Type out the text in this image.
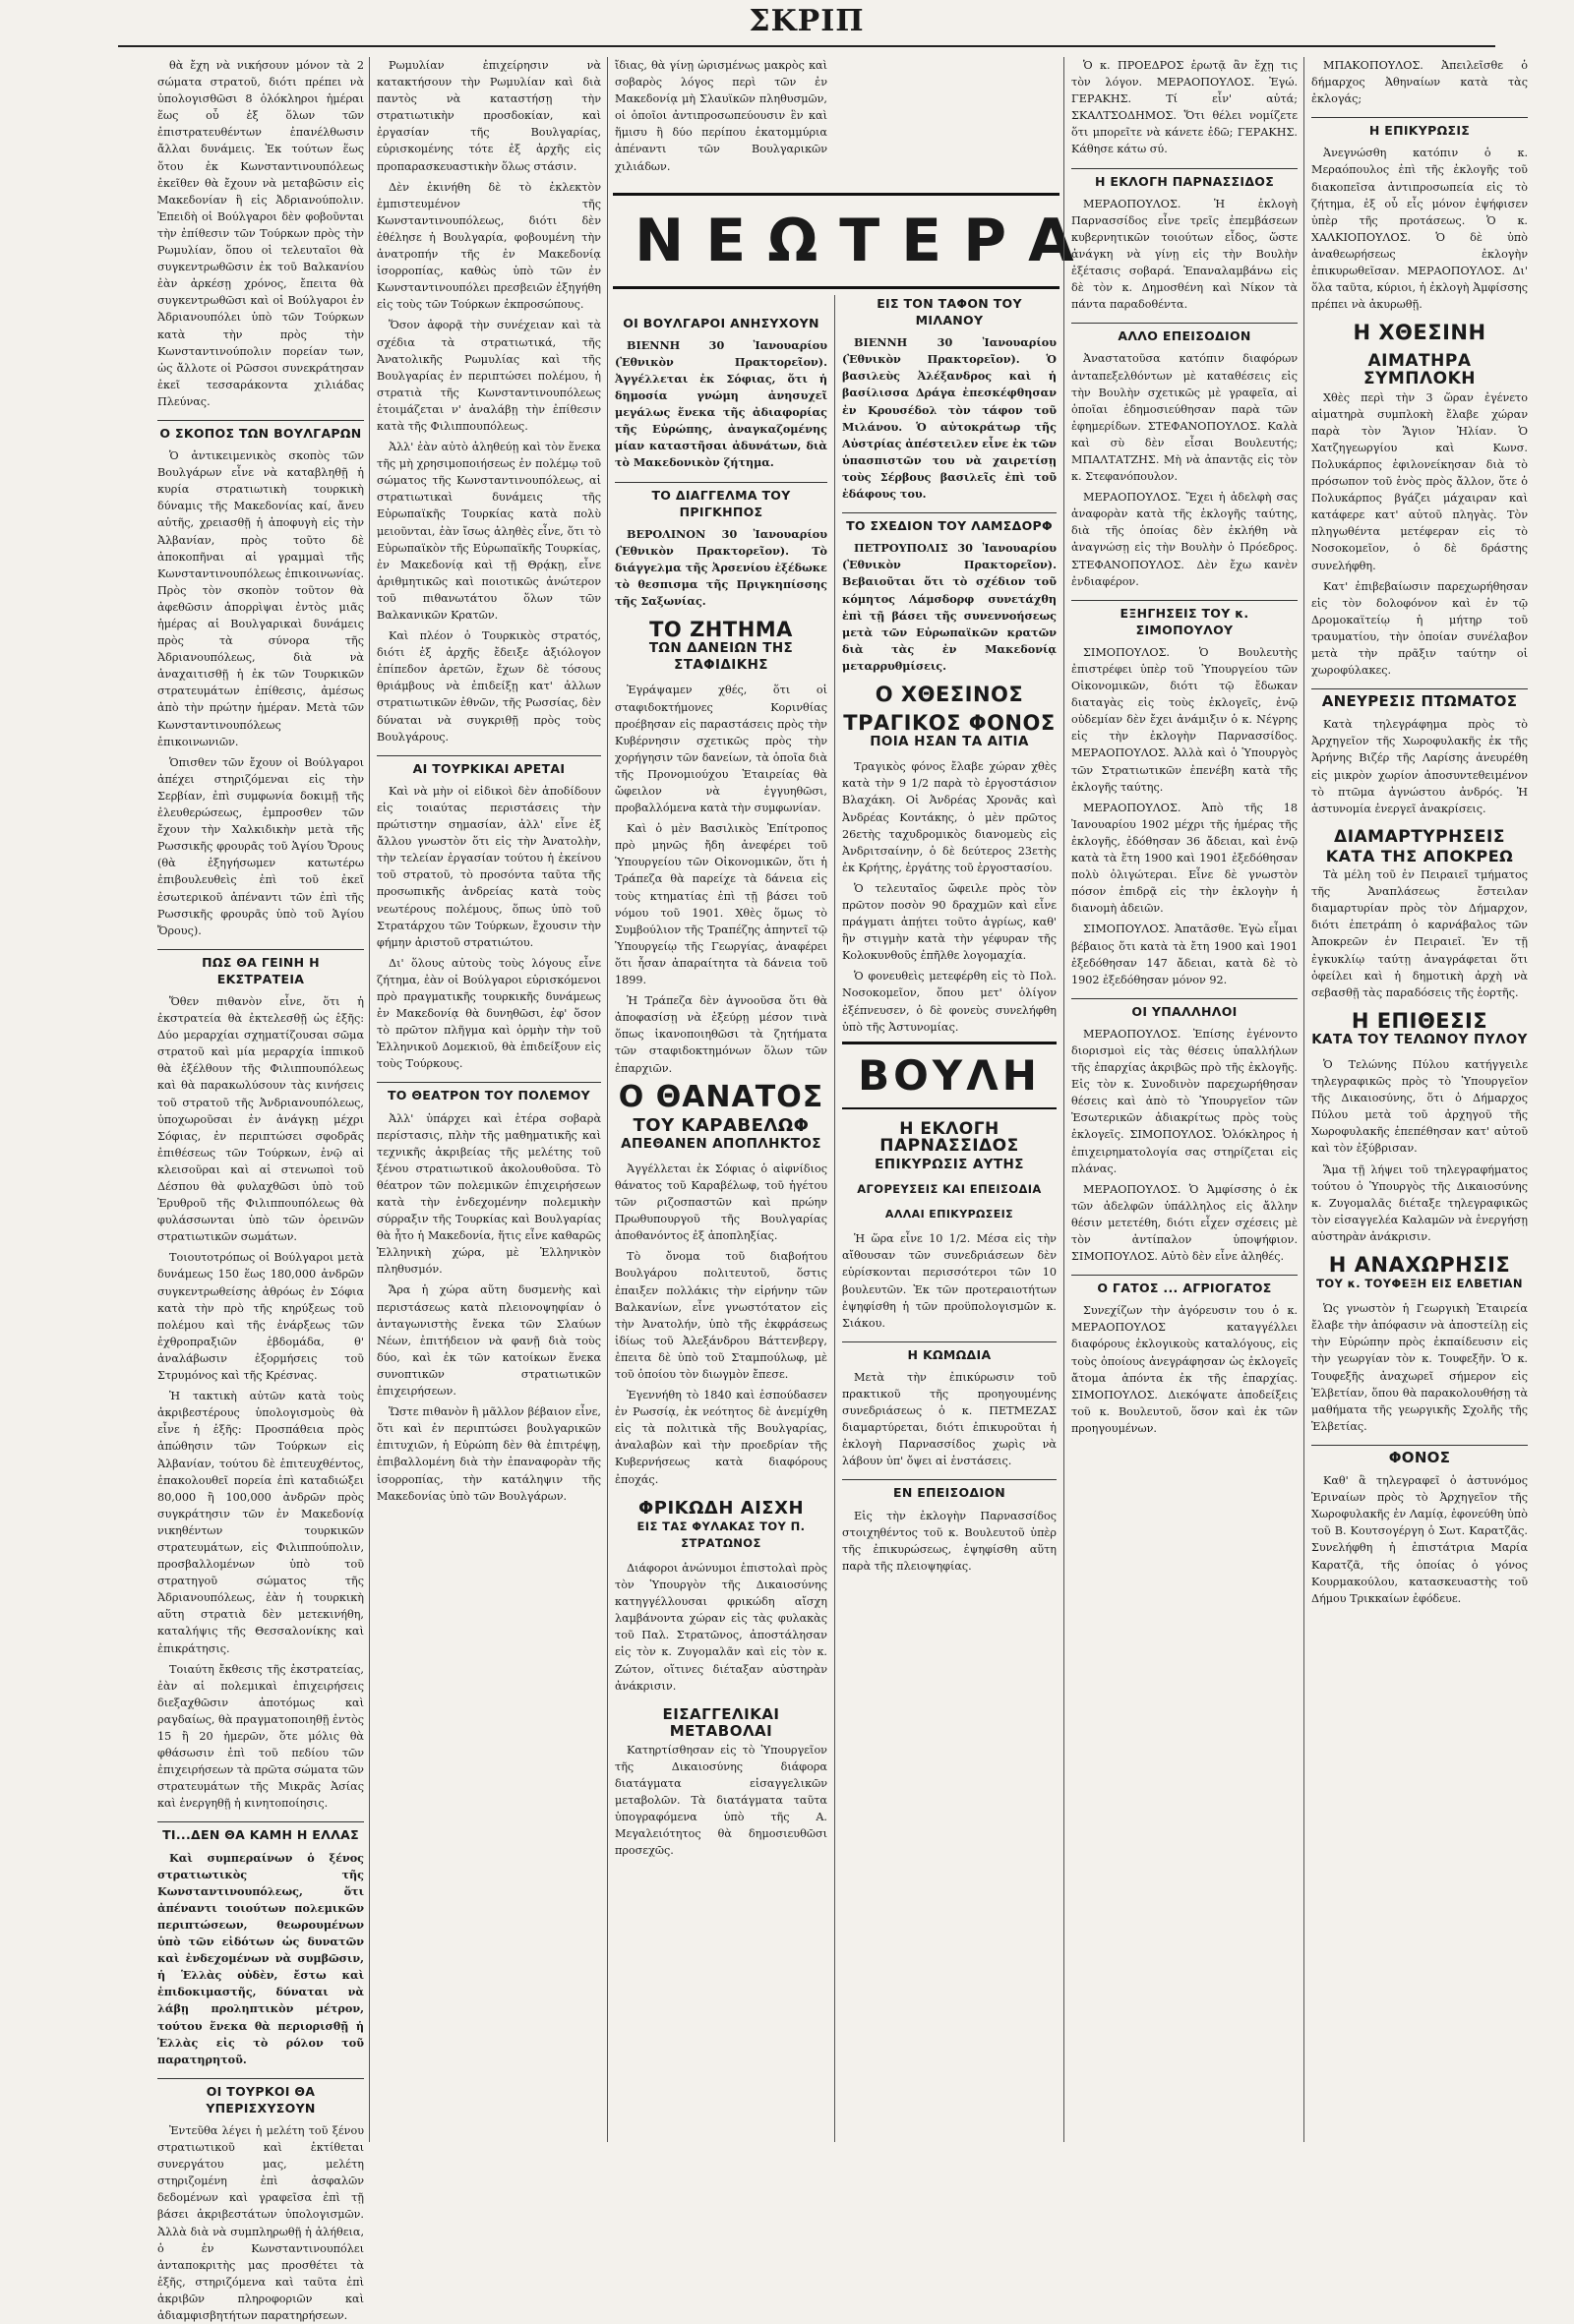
ΣΚΡΙΠ
ΝΕΩΤΕΡΑ

θὰ ἔχη νὰ νικήσουν μόνον τὰ 2 σώματα στρατοῦ, διότι πρέπει νὰ ὑπολογισθῶσι 8 ὁλόκληροι ἡμέραι ἕως οὗ ἐξ ὅλων τῶν ἐπιστρατευθέντων ἐπανέλθωσιν ἄλλαι δυνάμεις. Ἐκ τούτων ἕως ὅτου ἐκ Κωνσταντινουπόλεως ἐκεῖθεν θὰ ἔχουν νὰ μεταβῶσιν εἰς Μακεδονίαν ἢ εἰς Ἀδριανούπολιν. Ἐπειδὴ οἱ Βούλγαροι δὲν φοβοῦνται τὴν ἐπίθεσιν τῶν Τούρκων πρὸς τὴν Ρωμυλίαν, ὅπου οἱ τελευταῖοι θὰ συγκεντρωθῶσιν ἐκ τοῦ Βαλκανίου ἐὰν ἀρκέσῃ χρόνος, ἔπειτα θὰ συγκεντρωθῶσι καὶ οἱ Βούλγαροι ἐν Ἀδριανουπόλει ὑπὸ τῶν Τούρκων κατὰ τὴν πρὸς τὴν Κωνσταντινούπολιν πορείαν των, ὡς ἄλλοτε οἱ Ρῶσσοι συνεκράτησαν ἐκεῖ τεσσαράκοντα χιλιάδας Πλεύνας.

Ο ΣΚΟΠΟΣ ΤΩΝ ΒΟΥΛΓΑΡΩΝ

Ὁ ἀντικειμενικὸς σκοπὸς τῶν Βουλγάρων εἶνε νὰ καταβληθῇ ἡ κυρία στρατιωτικὴ τουρκικὴ δύναμις τῆς Μακεδονίας καί, ἄνευ αὐτῆς, χρειασθῇ ἡ ἀποφυγὴ εἰς τὴν Ἀλβανίαν, πρὸς τοῦτο δὲ ἀποκοπῆναι αἱ γραμμαὶ τῆς Κωνσταντινουπόλεως ἐπικοινωνίας. Πρὸς τὸν σκοπὸν τοῦτον θὰ ἀφεθῶσιν ἀπορρὶψαι ἐντὸς μιᾶς ἡμέρας αἱ Βουλγαρικαὶ δυνάμεις πρὸς τὰ σύνορα τῆς Ἀδριανουπόλεως, διὰ νὰ ἀναχαιτισθῇ ἡ ἐκ τῶν Τουρκικῶν στρατευμάτων ἐπίθεσις, ἀμέσως ἀπὸ τὴν πρώτην ἡμέραν. Μετὰ τῶν Κωνσταντινουπόλεως ἐπικοινωνιῶν.

Ὁπισθεν τῶν ἔχουν οἱ Βούλγαροι ἀπέχει στηριζόμεναι εἰς τὴν Σερβίαν, ἐπὶ συμφωνία δοκιμῇ τῆς ἐλευθερώσεως, ἐμπροσθεν τῶν ἔχουν τὴν Χαλκιδικὴν μετὰ τῆς Ρωσσικῆς φρουρᾶς τοῦ Ἁγίου Ὄρους (θὰ ἐξηγήσωμεν κατωτέρω ἐπιβουλευθεὶς ἐπὶ τοῦ ἐκεῖ ἐσωτερικοῦ ἀπέναντι τῶν ἐπὶ τῆς Ρωσσικῆς φρουρᾶς ὑπὸ τοῦ Ἁγίου Ὄρους).

ΠΩΣ ΘΑ ΓΕΙΝΗ Η ΕΚΣΤΡΑΤΕΙΑ

Ὅθεν πιθανὸν εἶνε, ὅτι ἡ ἐκστρατεία θὰ ἐκτελεσθῇ ὡς ἑξῆς: Δύο μεραρχίαι σχηματίζουσαι σῶμα στρατοῦ καὶ μία μεραρχία ἱππικοῦ θὰ ἐξέλθουν τῆς Φιλιππουπόλεως καὶ θὰ παρακωλύσουν τὰς κινήσεις τοῦ στρατοῦ τῆς Ἀνδριανουπόλεως, ὑποχωροῦσαι ἐν ἀνάγκῃ μέχρι Σόφιας, ἐν περιπτώσει σφοδρᾶς ἐπιθέσεως τῶν Τούρκων, ἐνῷ αἱ κλεισοῦραι καὶ αἱ στενωποὶ τοῦ Δέσπου θὰ φυλαχθῶσι ὑπὸ τοῦ Ἐρυθροῦ τῆς Φιλιππουπόλεως θὰ φυλάσσωνται ὑπὸ τῶν ὀρεινῶν στρατιωτικῶν σωμάτων.

Τοιουτοτρόπως οἱ Βούλγαροι μετὰ δυνάμεως 150 ἕως 180,000 ἀνδρῶν συγκεντρωθείσης ἀθρόως ἐν Σόφια κατὰ τὴν πρὸ τῆς κηρύξεως τοῦ πολέμου καὶ τῆς ἐνάρξεως τῶν ἐχθροπραξιῶν ἑβδομάδα, θ' ἀναλάβωσιν ἐξορμήσεις τοῦ Στρυμόνος καὶ τῆς Κρέσνας.

Ἡ τακτικὴ αὐτῶν κατὰ τοὺς ἀκριβεστέρους ὑπολογισμοὺς θὰ εἶνε ἡ ἑξῆς: Προσπάθεια πρὸς ἀπώθησιν τῶν Τούρκων εἰς Ἀλβανίαν, τούτου δὲ ἐπιτευχθέντος, ἐπακολουθεῖ πορεία ἐπὶ καταδιώξει 80,000 ἢ 100,000 ἀνδρῶν πρὸς συγκράτησιν τῶν ἐν Μακεδονίᾳ νικηθέντων τουρκικῶν στρατευμάτων, εἰς Φιλιππούπολιν, προσβαλλομένων ὑπὸ τοῦ στρατηγοῦ σώματος τῆς Ἀδριανουπόλεως, ἐὰν ἡ τουρκικὴ αὕτη στρατιὰ δὲν μετεκινήθη, καταλήψις τῆς Θεσσαλονίκης καὶ ἐπικράτησις.

Τοιαύτη ἔκθεσις τῆς ἐκστρατείας, ἐὰν αἱ πολεμικαὶ ἐπιχειρήσεις διεξαχθῶσιν ἀποτόμως καὶ ραγδαίως, θὰ πραγματοποιηθῇ ἐντὸς 15 ἢ 20 ἡμερῶν, ὅτε μόλις θὰ φθάσωσιν ἐπὶ τοῦ πεδίου τῶν ἐπιχειρήσεων τὰ πρῶτα σώματα τῶν στρατευμάτων τῆς Μικρᾶς Ἀσίας καὶ ἐνεργηθῇ ἡ κινητοποίησις.

ΤΙ...ΔΕΝ ΘΑ ΚΑΜΗ Η ΕΛΛΑΣ

Καὶ συμπεραίνων ὁ ξένος στρατιωτικὸς τῆς Κωνσταντινουπόλεως, ὅτι ἀπέναντι τοιούτων πολεμικῶν περιπτώσεων, θεωρουμένων ὑπὸ τῶν εἰδότων ὡς δυνατῶν καὶ ἐνδεχομένων νὰ συμβῶσιν, ἡ Ἑλλὰς οὐδὲν, ἔστω καὶ ἐπιδοκιμαστῆς, δύναται νὰ λάβῃ προληπτικὸν μέτρον, τούτου ἕνεκα θὰ περιορισθῇ ἡ Ἑλλὰς εἰς τὸ ρόλον τοῦ παρατηρητοῦ.

ΟΙ ΤΟΥΡΚΟΙ ΘΑ ΥΠΕΡΙΣΧΥΣΟΥΝ

Ἐντεῦθα λέγει ἡ μελέτη τοῦ ξένου στρατιωτικοῦ καὶ ἐκτίθεται συνεργάτου μας, μελέτη στηριζομένη ἐπὶ ἀσφαλῶν δεδομένων καὶ γραφεῖσα ἐπὶ τῇ βάσει ἀκριβεστάτων ὑπολογισμῶν. Ἀλλὰ διὰ νὰ συμπληρωθῇ ἡ ἀλήθεια, ὁ ἐν Κωνσταντινουπόλει ἀνταποκριτὴς μας προσθέτει τὰ ἑξῆς, στηριζόμενα καὶ ταῦτα ἐπὶ ἀκριβῶν πληροφοριῶν καὶ ἀδιαμφισβητήτων παρατηρήσεων.

Ρωμυλίαν ἐπιχείρησιν νὰ κατακτήσουν τὴν Ρωμυλίαν καὶ διὰ παντὸς νὰ καταστήσῃ τὴν στρατιωτικὴν προσδοκίαν, καὶ ἐργασίαν τῆς Βουλγαρίας, εὐρισκομένης τότε ἐξ ἀρχῆς εἰς προπαρασκευαστικὴν ὅλως στάσιν.

Δὲν ἐκινήθη δὲ τὸ ἐκλεκτὸν ἐμπιστευμένον τῆς Κωνσταντινουπόλεως, διότι δὲν ἐθέλησε ἡ Βουλγαρία, φοβουμένη τὴν ἀνατροπήν τῆς ἐν Μακεδονίᾳ ἰσορροπίας, καθὼς ὑπὸ τῶν ἐν Κωνσταντινουπόλει πρεσβειῶν ἐξηγήθη εἰς τοὺς τῶν Τούρκων ἐκπροσώπους.

Ὅσον ἀφορᾷ τὴν συνέχειαν καὶ τὰ σχέδια τὰ στρατιωτικά, τῆς Ἀνατολικῆς Ρωμυλίας καὶ τῆς Βουλγαρίας ἐν περιπτώσει πολέμου, ἡ στρατιὰ τῆς Κωνσταντινουπόλεως ἑτοιμάζεται ν' ἀναλάβῃ τὴν ἐπίθεσιν κατὰ τῆς Φιλιππουπόλεως.

Ἀλλ' ἐὰν αὐτὸ ἀληθεύῃ καὶ τὸν ἕνεκα τῆς μὴ χρησιμοποιήσεως ἐν πολέμῳ τοῦ σώματος τῆς Κωνσταντινουπόλεως, αἱ στρατιωτικαὶ δυνάμεις τῆς Εὐρωπαϊκῆς Τουρκίας κατὰ πολὺ μειοῦνται, ἐὰν ἴσως ἀληθὲς εἶνε, ὅτι τὸ Εὐρωπαϊκὸν τῆς Εὐρωπαϊκῆς Τουρκίας, ἐν Μακεδονίᾳ καὶ τῇ Θρᾴκῃ, εἶνε ἀριθμητικῶς καὶ ποιοτικῶς ἀνώτερον τοῦ πιθανωτάτου ὅλων τῶν Βαλκανικῶν Κρατῶν.

Καὶ πλέον ὁ Τουρκικὸς στρατός, διότι ἐξ ἀρχῆς ἔδειξε ἀξιόλογον ἐπίπεδον ἀρετῶν, ἔχων δὲ τόσους θριάμβους νὰ ἐπιδείξῃ κατ' ἀλλων στρατιωτικῶν ἐθνῶν, τῆς Ρωσσίας, δὲν δύναται νὰ συγκριθῇ πρὸς τοὺς Βουλγάρους.

ΑΙ ΤΟΥΡΚΙΚΑΙ ΑΡΕΤΑΙ

Καὶ νὰ μὴν οἱ εἰδικοὶ δὲν ἀποδίδουν εἰς τοιαύτας περιστάσεις τὴν πρώτιστην σημασίαν, ἀλλ' εἶνε ἐξ ἄλλου γνωστὸν ὅτι εἰς τὴν Ἀνατολὴν, τὴν τελείαν ἐργασίαν τούτου ἡ ἐκείνου τοῦ στρατοῦ, τὸ προσόντα ταῦτα τῆς προσωπικῆς ἀνδρείας κατὰ τοὺς νεωτέρους πολέμους, ὅπως ὑπὸ τοῦ Στρατάρχου τῶν Τούρκων, ἔχουσιν τὴν φήμην ἀριστοῦ στρατιώτου.

Δι' ὅλους αὐτοὺς τοὺς λόγους εἶνε ζήτημα, ἐὰν οἱ Βούλγαροι εὑρισκόμενοι πρὸ πραγματικῆς τουρκικῆς δυνάμεως ἐν Μακεδονίᾳ θὰ δυνηθῶσι, ἐφ' ὅσον τὸ πρῶτον πλῆγμα καὶ ὁρμὴν τὴν τοῦ Ἑλληνικοῦ Δομεκιοῦ, θὰ ἐπιδείξουν εἰς τοὺς Τούρκους.

ΤΟ ΘΕΑΤΡΟΝ ΤΟΥ ΠΟΛΕΜΟΥ

Ἀλλ' ὑπάρχει καὶ ἑτέρα σοβαρὰ περίστασις, πλὴν τῆς μαθηματικῆς καὶ τεχνικῆς ἀκριβείας τῆς μελέτης τοῦ ξένου στρατιωτικοῦ ἀκολουθοῦσα. Τὸ θέατρον τῶν πολεμικῶν ἐπιχειρήσεων κατὰ τὴν ἐνδεχομένην πολεμικὴν σύρραξιν τῆς Τουρκίας καὶ Βουλγαρίας θὰ ἦτο ἡ Μακεδονία, ἥτις εἶνε καθαρῶς Ἑλληνικὴ χώρα, μὲ Ἑλληνικὸν πληθυσμόν.

Ἄρα ἡ χώρα αὕτη δυσμενὴς καὶ περιστάσεως κατὰ πλειονοψηφίαν ὁ ἀνταγωνιστὴς ἔνεκα τῶν Σλαύων Νέων, ἐπιτήδειον νὰ φανῇ διὰ τοὺς δύο, καὶ ἐκ τῶν κατοίκων ἕνεκα συνοπτικῶν στρατιωτικῶν ἐπιχειρήσεων.

Ὥστε πιθανὸν ἢ μᾶλλον βέβαιον εἶνε, ὅτι καὶ ἐν περιπτώσει βουλγαρικῶν ἐπιτυχιῶν, ἡ Εὐρώπη δὲν θὰ ἐπιτρέψῃ, ἐπιβαλλομένη διὰ τὴν ἐπαναφορὰν τῆς ἰσορροπίας, τὴν κατάληψιν τῆς Μακεδονίας ὑπὸ τῶν Βουλγάρων.

ἴδιας, θὰ γίνῃ ὡρισμένως μακρὸς καὶ σοβαρὸς λόγος περὶ τῶν ἐν Μακεδονίᾳ μὴ Σλαυϊκῶν πληθυσμῶν, οἱ ὁποῖοι ἀντιπροσωπεύουσιν ἓν καὶ ἥμισυ ἢ δύο περίπου ἑκατομμύρια ἀπέναντι τῶν Βουλγαρικῶν χιλιάδων.

ΟΙ ΒΟΥΛΓΑΡΟΙ ΑΝΗΣΥΧΟΥΝ

ΒΙΕΝΝΗ 30 Ἰανουαρίου (Ἐθνικὸν Πρακτορεῖον). Ἀγγέλλεται ἐκ Σόφιας, ὅτι ἡ δημοσία γνώμη ἀνησυχεῖ μεγάλως ἕνεκα τῆς ἀδιαφορίας τῆς Εὐρώπης, ἀναγκαζομένης μίαν καταστῆσαι ἀδυνάτων, διὰ τὸ Μακεδονικὸν ζήτημα.

ΤΟ ΔΙΑΓΓΕΛΜΑ ΤΟΥ ΠΡΙΓΚΗΠΟΣ

ΒΕΡΟΛΙΝΟΝ 30 Ἰανουαρίου (Ἐθνικὸν Πρακτορεῖον). Τὸ διάγγελμα τῆς Ἀρσενίου ἐξέδωκε τὸ θεσπισμα τῆς Πριγκηπίσσης τῆς Σαξωνίας.

ΤΟ ΖΗΤΗΜΑ
ΤΩΝ ΔΑΝΕΙΩΝ ΤΗΣ ΣΤΑΦΙΔΙΚΗΣ

Ἐγράψαμεν χθές, ὅτι οἱ σταφιδοκτήμονες Κορινθίας προέβησαν εἰς παραστάσεις πρὸς τὴν Κυβέρνησιν σχετικῶς πρὸς τὴν χορήγησιν τῶν δανείων, τὰ ὁποῖα διὰ τῆς Προνομιούχου Ἑταιρείας θὰ ὤφειλον νὰ ἐγγυηθῶσι, προβαλλόμενα κατὰ τὴν συμφωνίαν.

Καὶ ὁ μὲν Βασιλικὸς Ἐπίτροπος πρὸ μηνῶς ἤδη ἀνεφέρει τοῦ Ὑπουργείου τῶν Οἰκονομικῶν, ὅτι ἡ Τράπεζα θὰ παρείχε τὰ δάνεια εἰς τοὺς κτηματίας ἐπὶ τῇ βάσει τοῦ νόμου τοῦ 1901. Χθὲς ὅμως τὸ Συμβούλιον τῆς Τραπέζης ἀπηντεῖ τῷ Ὑπουργείῳ τῆς Γεωργίας, ἀναφέρει ὅτι ἦσαν ἀπαραίτητα τὰ δάνεια τοῦ 1899.

Ἡ Τράπεζα δὲν ἀγνοοῦσα ὅτι θὰ ἀποφασίσῃ νὰ ἐξεύρῃ μέσον τινὰ ὅπως ἱκανοποιηθῶσι τὰ ζητήματα τῶν σταφιδοκτημόνων ὅλων τῶν ἐπαρχιῶν.

Ο ΘΑΝΑΤΟΣ
ΤΟΥ ΚΑΡΑΒΕΛΩΦ
ΑΠΕΘΑΝΕΝ ΑΠΟΠΛΗΚΤΟΣ

Ἀγγέλλεται ἐκ Σόφιας ὁ αἰφνίδιος θάνατος τοῦ Καραβέλωφ, τοῦ ἡγέτου τῶν ριζοσπαστῶν καὶ πρώην Πρωθυπουργοῦ τῆς Βουλγαρίας ἀποθανόντος ἐξ ἀποπληξίας.

Τὸ ὄνομα τοῦ διαβοήτου Βουλγάρου πολιτευτοῦ, ὅστις ἐπαιξεν πολλάκις τὴν εἰρήνην τῶν Βαλκανίων, εἶνε γνωστότατον εἰς τὴν Ἀνατολήν, ὑπὸ τῆς ἐκφράσεως ἰδίως τοῦ Ἀλεξάνδρου Βάττενβεργ, ἐπειτα δὲ ὑπὸ τοῦ Σταμπούλωφ, μὲ τοῦ ὁποίου τὸν διωγμὸν ἔπεσε.

Ἐγεννήθη τὸ 1840 καὶ ἐσπούδασεν ἐν Ρωσσίᾳ, ἐκ νεότητος δὲ ἀνεμίχθη εἰς τὰ πολιτικὰ τῆς Βουλγαρίας, ἀναλαβὼν καὶ τὴν προεδρίαν τῆς Κυβερνήσεως κατὰ διαφόρους ἐποχάς.

ΦΡΙΚΩΔΗ ΑΙΣΧΗ
ΕΙΣ ΤΑΣ ΦΥΛΑΚΑΣ ΤΟΥ Π. ΣΤΡΑΤΩΝΟΣ

Διάφοροι ἀνώνυμοι ἐπιστολαὶ πρὸς τὸν Ὑπουργὸν τῆς Δικαιοσύνης κατηγγέλλουσαι φρικώδη αἴσχη λαμβάνοντα χώραν εἰς τὰς φυλακὰς τοῦ Παλ. Στρατῶνος, ἀποστάλησαν εἰς τὸν κ. Ζυγομαλᾶν καὶ εἰς τὸν κ. Ζώτον, οἵτινες διέταξαν αὐστηρὰν ἀνάκρισιν.

ΕΙΣΑΓΓΕΛΙΚΑΙ ΜΕΤΑΒΟΛΑΙ

Κατηρτίσθησαν εἰς τὸ Ὑπουργεῖον τῆς Δικαιοσύνης διάφορα διατάγματα εἰσαγγελικῶν μεταβολῶν. Τὰ διατάγματα ταῦτα ὑπογραφόμενα ὑπὸ τῆς Α. Μεγαλειότητος θὰ δημοσιευθῶσι προσεχῶς.

ΕΙΣ ΤΟΝ ΤΑΦΟΝ ΤΟΥ ΜΙΛΑΝΟΥ

ΒΙΕΝΝΗ 30 Ἰανουαρίου (Ἐθνικὸν Πρακτορεῖον). Ὁ βασιλεὺς Ἀλέξανδρος καὶ ἡ βασίλισσα Δράγα ἐπεσκέφθησαν ἐν Κρουσέδολ τὸν τάφον τοῦ Μιλάνου. Ὁ αὐτοκράτωρ τῆς Αὐστρίας ἀπέστειλεν εἶνε ἐκ τῶν ὑπασπιστῶν του νὰ χαιρετίσῃ τοὺς Σέρβους βασιλεῖς ἐπὶ τοῦ ἐδάφους του.

ΤΟ ΣΧΕΔΙΟΝ ΤΟΥ ΛΑΜΣΔΟΡΦ

ΠΕΤΡΟΥΠΟΛΙΣ 30 Ἰανουαρίου (Ἐθνικὸν Πρακτορεῖον). Βεβαιοῦται ὅτι τὸ σχέδιον τοῦ κόμητος Λάμσδορφ συνετάχθη ἐπὶ τῇ βάσει τῆς συνεννοήσεως μετὰ τῶν Εὐρωπαϊκῶν κρατῶν διὰ τὰς ἐν Μακεδονίᾳ μεταρρυθμίσεις.

Ο ΧΘΕΣΙΝΟΣ
ΤΡΑΓΙΚΟΣ ΦΟΝΟΣ
ΠΟΙΑ ΗΣΑΝ ΤΑ ΑΙΤΙΑ

Τραγικὸς φόνος ἔλαβε χώραν χθὲς κατὰ τὴν 9 1/2 παρὰ τὸ ἐργοστάσιον Βλαχάκη. Οἱ Ἀνδρέας Χρονᾶς καὶ Ἀνδρέας Κοντάκης, ὁ μὲν πρῶτος 26ετὴς ταχυδρομικὸς διανομεὺς εἰς Ἀνδριτσαίνην, ὁ δὲ δεύτερος 23ετὴς ἐκ Κρήτης, ἐργάτης τοῦ ἐργοστασίου.

Ὁ τελευταῖος ὤφειλε πρὸς τὸν πρῶτον ποσὸν 90 δραχμῶν καὶ εἶνε πράγματι ἀπῄτει τοῦτο ἀγρίως, καθ' ἣν στιγμὴν κατὰ τὴν γέφυραν τῆς Κολοκυνθοῦς ἐπῆλθε λογομαχία.

Ὁ φονευθεὶς μετεφέρθη εἰς τὸ Πολ. Νοσοκομεῖον, ὅπου μετ' ὀλίγον ἐξέπνευσεν, ὁ δὲ φονεὺς συνελήφθη ὑπὸ τῆς Ἀστυνομίας.

ΒΟΥΛΗ
Η ΕΚΛΟΓΗ ΠΑΡΝΑΣΣΙΔΟΣ
ΕΠΙΚΥΡΩΣΙΣ ΑΥΤΗΣ
ΑΓΟΡΕΥΣΕΙΣ ΚΑΙ ΕΠΕΙΣΟΔΙΑ
ΑΛΛΑΙ ΕΠΙΚΥΡΩΣΕΙΣ

Ἡ ὥρα εἶνε 10 1/2. Μέσα εἰς τὴν αἴθουσαν τῶν συνεδριάσεων δὲν εὑρίσκονται περισσότεροι τῶν 10 βουλευτῶν. Ἐκ τῶν προτεραιοτήτων ἐψηφίσθη ἡ τῶν προϋπολογισμῶν κ. Σιάκου.

Η ΚΩΜΩΔΙΑ

Μετὰ τὴν ἐπικύρωσιν τοῦ πρακτικοῦ τῆς προηγουμένης συνεδριάσεως ὁ κ. ΠΕΤΜΕΖΑΣ διαμαρτύρεται, διότι ἐπικυροῦται ἡ ἐκλογὴ Παρνασσίδος χωρὶς νὰ λάβουν ὑπ' ὄψει αἱ ἐνστάσεις.

ΕΝ ΕΠΕΙΣΟΔΙΟΝ

Εἰς τὴν ἐκλογὴν Παρνασσίδος στοιχηθέντος τοῦ κ. Βουλευτοῦ ὑπὲρ τῆς ἐπικυρώσεως, ἐψηφίσθη αὕτη παρὰ τῆς πλειοψηφίας.

Ὁ κ. ΠΡΟΕΔΡΟΣ ἐρωτᾷ ἂν ἔχῃ τις τὸν λόγον. ΜΕΡΑΟΠΟΥΛΟΣ. Ἐγώ. ΓΕΡΑΚΗΣ. Τί εἶν' αὐτά; ΣΚΑΛΤΣΟΔΗΜΟΣ. Ὅτι θέλει νομίζετε ὅτι μπορεῖτε νὰ κάνετε ἐδῶ; ΓΕΡΑΚΗΣ. Κάθησε κάτω σύ.

Η ΕΚΛΟΓΗ ΠΑΡΝΑΣΣΙΔΟΣ

ΜΕΡΑΟΠΟΥΛΟΣ. Ἡ ἐκλογὴ Παρνασσίδος εἶνε τρεῖς ἐπεμβάσεων κυβερνητικῶν τοιούτων εἶδος, ὥστε ἀνάγκη νὰ γίνῃ εἰς τὴν Βουλὴν ἐξέτασις σοβαρά. Ἐπαναλαμβάνω εἰς δὲ τὸν κ. Δημοσθένη καὶ Νίκον τὰ πάντα παραδοθέντα.

ΑΛΛΟ ΕΠΕΙΣΟΔΙΟΝ

Ἀναστατοῦσα κατόπιν διαφόρων ἀνταπεξελθόντων μὲ καταθέσεις εἰς τὴν Βουλὴν σχετικῶς μὲ γραφεῖα, αἱ ὁποῖαι ἐδημοσιεύθησαν παρὰ τῶν ἐφημερίδων. ΣΤΕΦΑΝΟΠΟΥΛΟΣ. Καλὰ καὶ σὺ δὲν εἶσαι Βουλευτής; ΜΠΑΛΤΑΤΖΗΣ. Μὴ νὰ ἀπαντᾷς εἰς τὸν κ. Στεφανόπουλον.

ΜΕΡΑΟΠΟΥΛΟΣ. Ἔχει ἡ ἀδελφὴ σας ἀναφορὰν κατὰ τῆς ἐκλογῆς ταύτης, διὰ τῆς ὁποίας δὲν ἐκλήθη νὰ ἀναγνώσῃ εἰς τὴν Βουλὴν ὁ Πρόεδρος. ΣΤΕΦΑΝΟΠΟΥΛΟΣ. Δὲν ἔχω κανὲν ἐνδιαφέρον.

ΕΞΗΓΗΣΕΙΣ ΤΟΥ κ. ΣΙΜΟΠΟΥΛΟΥ

ΣΙΜΟΠΟΥΛΟΣ. Ὁ Βουλευτὴς ἐπιστρέφει ὑπὲρ τοῦ Ὑπουργείου τῶν Οἰκονομικῶν, διότι τῷ ἔδωκαν διαταγὰς εἰς τοὺς ἐκλογεῖς, ἐνῷ οὐδεμίαν δὲν ἔχει ἀνάμιξιν ὁ κ. Νέγρης εἰς τὴν ἐκλογὴν Παρνασσίδος. ΜΕΡΑΟΠΟΥΛΟΣ. Ἀλλὰ καὶ ὁ Ὑπουργὸς τῶν Στρατιωτικῶν ἐπενέβη κατὰ τῆς ἐκλογῆς ταύτης.

ΜΕΡΑΟΠΟΥΛΟΣ. Ἀπὸ τῆς 18 Ἰανουαρίου 1902 μέχρι τῆς ἡμέρας τῆς ἐκλογῆς, ἐδόθησαν 36 ἄδειαι, καὶ ἐνῷ κατὰ τὰ ἔτη 1900 καὶ 1901 ἐξεδόθησαν πολὺ ὀλιγώτεραι. Εἶνε δὲ γνωστὸν πόσον ἐπιδρᾷ εἰς τὴν ἐκλογὴν ἡ διανομὴ ἀδειῶν.

ΣΙΜΟΠΟΥΛΟΣ. Ἀπατᾶσθε. Ἐγὼ εἶμαι βέβαιος ὅτι κατὰ τὰ ἔτη 1900 καὶ 1901 ἐξεδόθησαν 147 ἄδειαι, κατὰ δὲ τὸ 1902 ἐξεδόθησαν μόνον 92.

ΟΙ ΥΠΑΛΛΗΛΟΙ

ΜΕΡΑΟΠΟΥΛΟΣ. Ἐπίσης ἐγένοντο διορισμοὶ εἰς τὰς θέσεις ὑπαλλήλων τῆς ἐπαρχίας ἀκριβῶς πρὸ τῆς ἐκλογῆς. Εἰς τὸν κ. Συνοδινὸν παρεχωρήθησαν θέσεις καὶ ἀπὸ τὸ Ὑπουργεῖον τῶν Ἐσωτερικῶν ἀδιακρίτως πρὸς τοὺς ἐκλογεῖς. ΣΙΜΟΠΟΥΛΟΣ. Ὁλόκληρος ἡ ἐπιχειρηματολογία σας στηρίζεται εἰς πλάνας.

ΜΕΡΑΟΠΟΥΛΟΣ. Ὁ Ἀμφίσσης ὁ ἐκ τῶν ἀδελφῶν ὑπάλληλος εἰς ἄλλην θέσιν μετετέθη, διότι εἶχεν σχέσεις μὲ τὸν ἀντίπαλον ὑποψήφιον. ΣΙΜΟΠΟΥΛΟΣ. Αὐτὸ δὲν εἶνε ἀληθές.

Ο ΓΑΤΟΣ ... ΑΓΡΙΟΓΑΤΟΣ

Συνεχίζων τὴν ἀγόρευσιν του ὁ κ. ΜΕΡΑΟΠΟΥΛΟΣ καταγγέλλει διαφόρους ἐκλογικοὺς καταλόγους, εἰς τοὺς ὁποίους ἀνεγράφησαν ὡς ἐκλογεῖς ἄτομα ἀπόντα ἐκ τῆς ἐπαρχίας. ΣΙΜΟΠΟΥΛΟΣ. Διεκόψατε ἀποδείξεις τοῦ κ. Βουλευτοῦ, ὅσον καὶ ἐκ τῶν προηγουμένων.

ΜΠΑΚΟΠΟΥΛΟΣ. Ἀπειλεῖσθε ὁ δήμαρχος Ἀθηναίων κατὰ τὰς ἐκλογάς;

Η ΕΠΙΚΥΡΩΣΙΣ

Ἀνεγνώσθη κατόπιν ὁ κ. Μεραόπουλος ἐπὶ τῆς ἐκλογῆς τοῦ διακοπεῖσα ἀντιπροσωπεία εἰς τὸ ζήτημα, ἐξ οὗ εἷς μόνον ἐψήφισεν ὑπὲρ τῆς προτάσεως. Ὁ κ. ΧΑΛΚΙΟΠΟΥΛΟΣ. Ὁ δὲ ὑπὸ ἀναθεωρήσεως ἐκλογὴν ἐπικυρωθεῖσαν. ΜΕΡΑΟΠΟΥΛΟΣ. Δι' ὅλα ταῦτα, κύριοι, ἡ ἐκλογὴ Ἀμφίσσης πρέπει νὰ ἀκυρωθῇ.

Η ΧΘΕΣΙΝΗ
ΑΙΜΑΤΗΡΑ ΣΥΜΠΛΟΚΗ

Χθὲς περὶ τὴν 3 ὥραν ἐγένετο αἱματηρὰ συμπλοκὴ ἔλαβε χώραν παρὰ τὸν Ἅγιον Ἠλίαν. Ὁ Χατζηγεωργίου καὶ Κωνσ. Πολυκάρπος ἐφιλονείκησαν διὰ τὸ πρόσωπον τοῦ ἑνὸς πρὸς ἄλλον, ὅτε ὁ Πολυκάρπος βγάζει μάχαιραν καὶ κατάφερε κατ' αὐτοῦ πληγὰς. Τὸν πληγωθέντα μετέφεραν εἰς τὸ Νοσοκομεῖον, ὁ δὲ δράστης συνελήφθη.

Κατ' ἐπιβεβαίωσιν παρεχωρήθησαν εἰς τὸν δολοφόνον καὶ ἐν τῷ Δρομοκαϊτείῳ ἡ μήτηρ τοῦ τραυματίου, τὴν ὁποίαν συνέλαβον μετὰ τὴν πρᾶξιν ταύτην οἱ χωροφύλακες.

ΑΝΕΥΡΕΣΙΣ ΠΤΩΜΑΤΟΣ

Κατὰ τηλεγράφημα πρὸς τὸ Ἀρχηγεῖον τῆς Χωροφυλακῆς ἐκ τῆς Ἀρήνης Βιζέρ τῆς Λαρίσης ἀνευρέθη εἰς μικρὸν χωρίον ἀποσυντεθειμένον τὸ πτῶμα ἀγνώστου ἀνδρός. Ἡ ἀστυνομία ἐνεργεῖ ἀνακρίσεις.

ΔΙΑΜΑΡΤΥΡΗΣΕΙΣ
ΚΑΤΑ ΤΗΣ ΑΠΟΚΡΕΩ

Τὰ μέλη τοῦ ἐν Πειραιεῖ τμήματος τῆς Ἀναπλάσεως ἔστειλαν διαμαρτυρίαν πρὸς τὸν Δήμαρχον, διότι ἐπετράπη ὁ καρνάβαλος τῶν Ἀποκρεῶν ἐν Πειραιεῖ. Ἐν τῇ ἐγκυκλίῳ ταύτῃ ἀναγράφεται ὅτι ὀφείλει καὶ ἡ δημοτικὴ ἀρχὴ νὰ σεβασθῇ τὰς παραδόσεις τῆς ἑορτῆς.

Η ΕΠΙΘΕΣΙΣ
ΚΑΤΑ ΤΟΥ ΤΕΛΩΝΟΥ ΠΥΛΟΥ

Ὁ Τελώνης Πύλου κατήγγειλε τηλεγραφικῶς πρὸς τὸ Ὑπουργεῖον τῆς Δικαιοσύνης, ὅτι ὁ Δήμαρχος Πύλου μετὰ τοῦ ἀρχηγοῦ τῆς Χωροφυλακῆς ἐπεπέθησαν κατ' αὐτοῦ καὶ τὸν ἐξύβρισαν.

Ἅμα τῇ λήψει τοῦ τηλεγραφήματος τούτου ὁ Ὑπουργὸς τῆς Δικαιοσύνης κ. Ζυγομαλᾶς διέταξε τηλεγραφικῶς τὸν εἰσαγγελέα Καλαμῶν νὰ ἐνεργήσῃ αὐστηρὰν ἀνάκρισιν.

Η ΑΝΑΧΩΡΗΣΙΣ
ΤΟΥ κ. ΤΟΥΦΕΞΗ ΕΙΣ ΕΛΒΕΤΙΑΝ

Ὡς γνωστὸν ἡ Γεωργικὴ Ἑταιρεία ἔλαβε τὴν ἀπόφασιν νὰ ἀποστείλῃ εἰς τὴν Εὐρώπην πρὸς ἐκπαίδευσιν εἰς τὴν γεωργίαν τὸν κ. Τουφεξῆν. Ὁ κ. Τουφεξῆς ἀναχωρεῖ σήμερον εἰς Ἑλβετίαν, ὅπου θὰ παρακολουθήσῃ τὰ μαθήματα τῆς γεωργικῆς Σχολῆς τῆς Ἑλβετίας.

ΦΟΝΟΣ

Καθ' ἃ τηλεγραφεῖ ὁ ἀστυνόμος Ἐριναίων πρὸς τὸ Ἀρχηγεῖον τῆς Χωροφυλακῆς ἐν Λαμίᾳ, ἐφονεύθη ὑπὸ τοῦ Β. Κουτσογέργη ὁ Σωτ. Καρατζᾶς. Συνελήφθη ἡ ἐπιστάτρια Μαρία Καρατζᾶ, τῆς ὁποίας ὁ γόνος Κουρμακούλου, κατασκευαστὴς τοῦ Δήμου Τρικκαίων ἐφόδευε.
